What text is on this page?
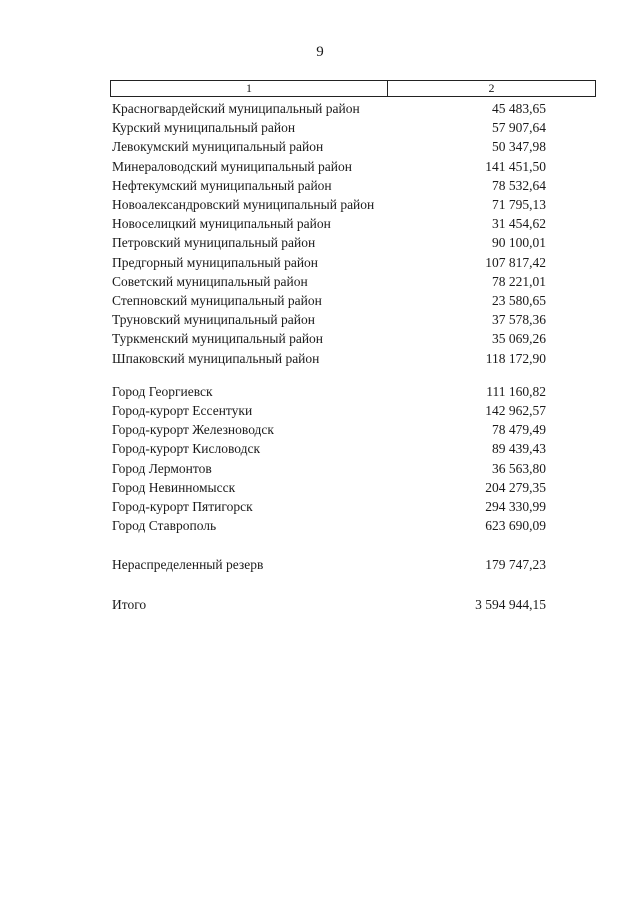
9
1	2
Красногвардейский муниципальный район	45 483,65
Курский муниципальный район	57 907,64
Левокумский муниципальный район	50 347,98
Минераловодский муниципальный район	141 451,50
Нефтекумский муниципальный район	78 532,64
Новоалександровский муниципальный район	71 795,13
Новоселицкий муниципальный район	31 454,62
Петровский муниципальный район	90 100,01
Предгорный муниципальный район	107 817,42
Советский муниципальный район	78 221,01
Степновский муниципальный район	23 580,65
Труновский муниципальный район	37 578,36
Туркменский муниципальный район	35 069,26
Шпаковский муниципальный район	118 172,90
Город Георгиевск	111 160,82
Город-курорт Ессентуки	142 962,57
Город-курорт Железноводск	78 479,49
Город-курорт Кисловодск	89 439,43
Город Лермонтов	36 563,80
Город Невинномысск	204 279,35
Город-курорт Пятигорск	294 330,99
Город Ставрополь	623 690,09
Нераспределенный резерв	179 747,23
Итого	3 594 944,15
